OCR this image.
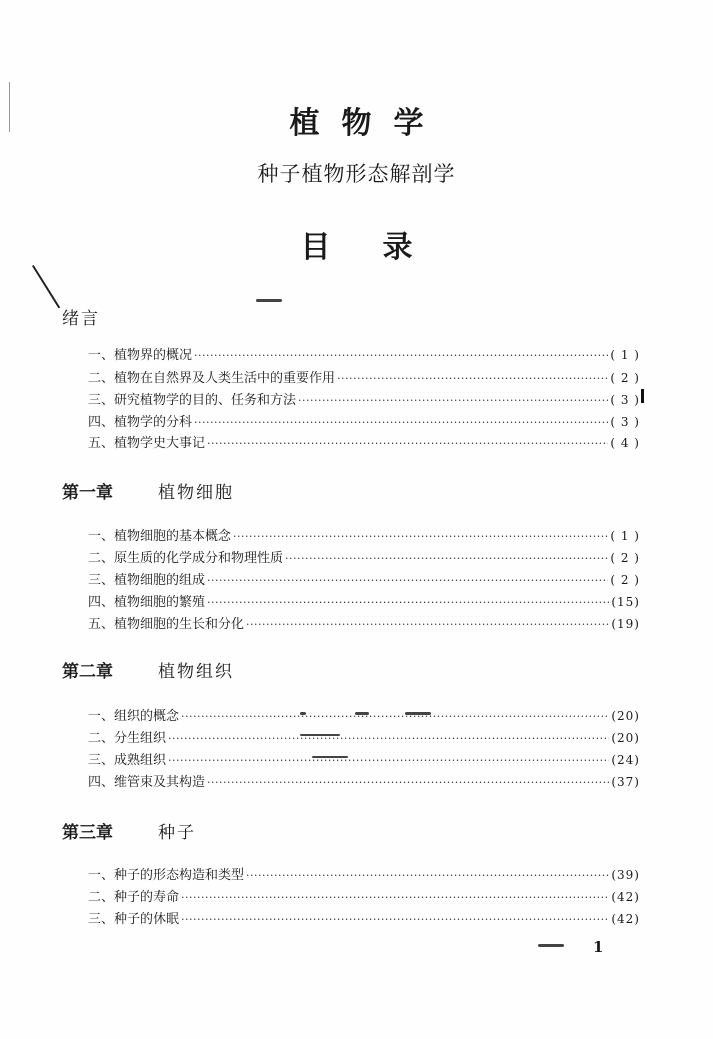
植物学
种子植物形态解剖学
目录
绪言
一、植物界的概况 ·····	( 1 )
二、植物在自然界及人类生活中的重要作用 ·····	( 2 )
三、研究植物学的目的、任务和方法 ·····	( 3 )
四、植物学的分科 ·····	( 3 )
五、植物学史大事记 ·····	( 4 )
第一章	植物细胞
一、植物细胞的基本概念 ·····	( 1 )
二、原生质的化学成分和物理性质 ·····	( 2 )
三、植物细胞的组成 ·····	( 2 )
四、植物细胞的繁殖 ·····	(15)
五、植物细胞的生长和分化 ·····	(19)
第二章	植物组织
一、组织的概念 ·····	(20)
二、分生组织 ·····	(20)
三、成熟组织 ·····	(24)
四、维管束及其构造 ·····	(37)
第三章	种子
一、种子的形态构造和类型 ·····	(39)
二、种子的寿命 ·····	(42)
三、种子的休眠 ·····	(42)
1
